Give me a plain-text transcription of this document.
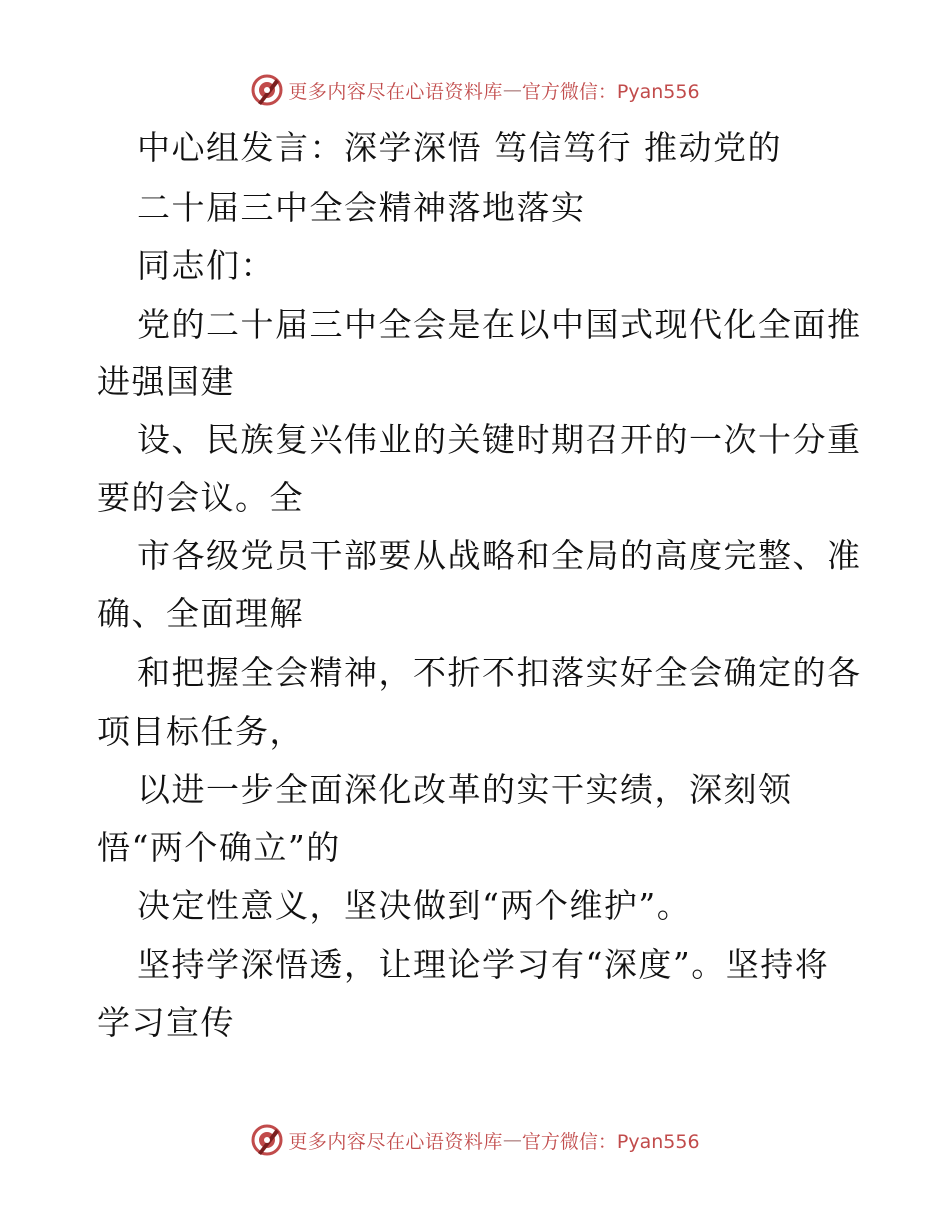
更多内容尽在心语资料库 — 官方微信：Pyan556
中心组发言：深学深悟 笃信笃行 推动党的
二十届三中全会精神落地落实
同志们：
党的二十届三中全会是在以中国式现代化全面推
进强国建
设、民族复兴伟业的关键时期召开的一次十分重
要的会议。全
市各级党员干部要从战略和全局的高度完整、准
确、全面理解
和把握全会精神，不折不扣落实好全会确定的各
项目标任务，
以进一步全面深化改革的实干实绩，深刻领
悟“两个确立”的
决定性意义，坚决做到“两个维护”。
坚持学深悟透，让理论学习有“深度”。坚持将
学习宣传
更多内容尽在心语资料库 — 官方微信：Pyan556
